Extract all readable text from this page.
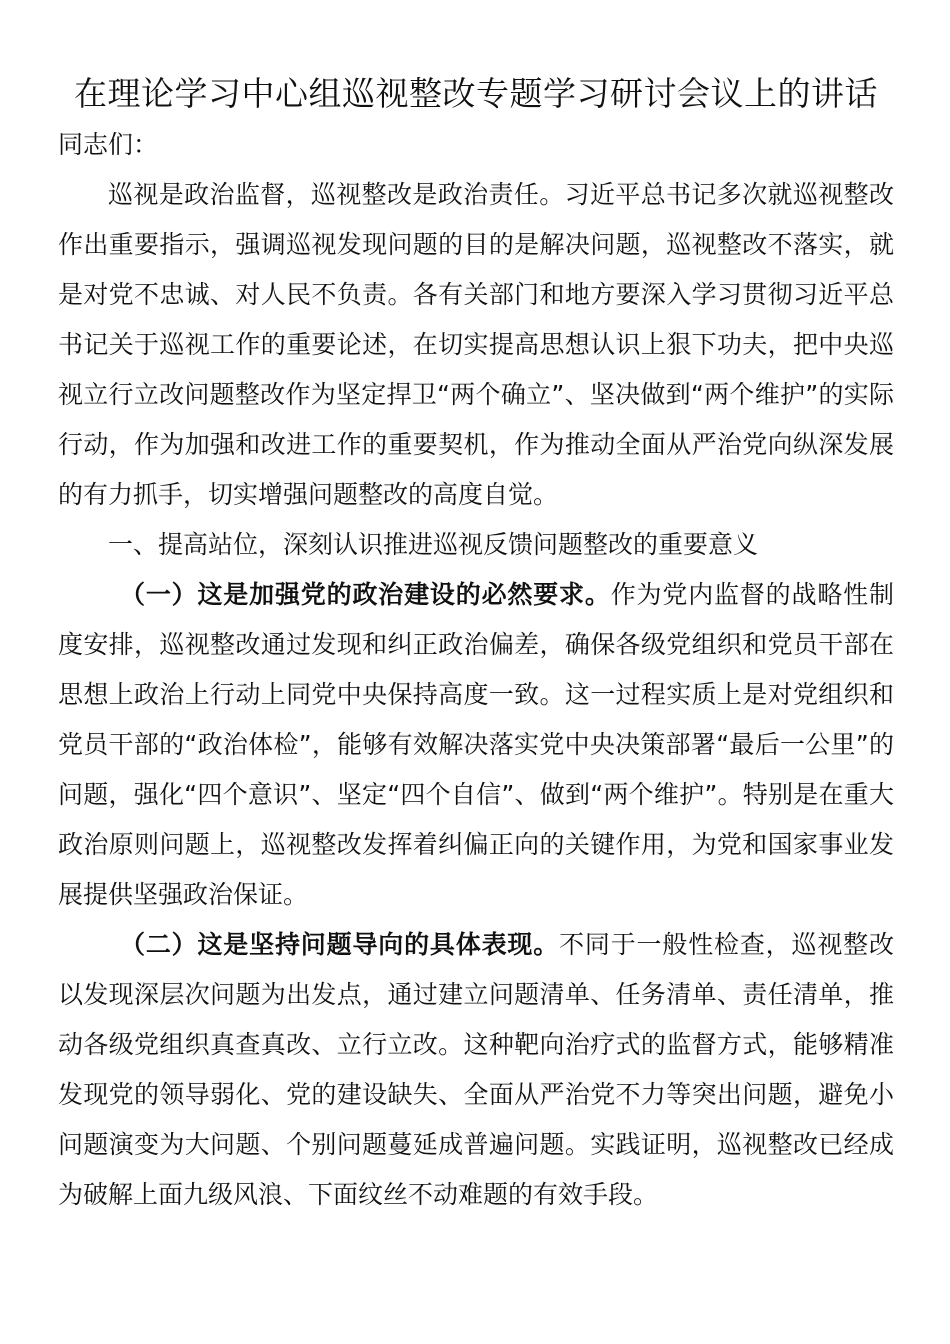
在理论学习中心组巡视整改专题学习研讨会议上的讲话

同志们：

巡视是政治监督，巡视整改是政治责任。习近平总书记多次就巡视整改作出重要指示，强调巡视发现问题的目的是解决问题，巡视整改不落实，就是对党不忠诚、对人民不负责。各有关部门和地方要深入学习贯彻习近平总书记关于巡视工作的重要论述，在切实提高思想认识上狠下功夫，把中央巡视立行立改问题整改作为坚定捍卫“两个确立”、坚决做到“两个维护”的实际行动，作为加强和改进工作的重要契机，作为推动全面从严治党向纵深发展的有力抓手，切实增强问题整改的高度自觉。

一、提高站位，深刻认识推进巡视反馈问题整改的重要意义

（一）这是加强党的政治建设的必然要求。作为党内监督的战略性制度安排，巡视整改通过发现和纠正政治偏差，确保各级党组织和党员干部在思想上政治上行动上同党中央保持高度一致。这一过程实质上是对党组织和党员干部的“政治体检”，能够有效解决落实党中央决策部署“最后一公里”的问题，强化“四个意识”、坚定“四个自信”、做到“两个维护”。特别是在重大政治原则问题上，巡视整改发挥着纠偏正向的关键作用，为党和国家事业发展提供坚强政治保证。

（二）这是坚持问题导向的具体表现。不同于一般性检查，巡视整改以发现深层次问题为出发点，通过建立问题清单、任务清单、责任清单，推动各级党组织真查真改、立行立改。这种靶向治疗式的监督方式，能够精准发现党的领导弱化、党的建设缺失、全面从严治党不力等突出问题，避免小问题演变为大问题、个别问题蔓延成普遍问题。实践证明，巡视整改已经成为破解上面九级风浪、下面纹丝不动难题的有效手段。
